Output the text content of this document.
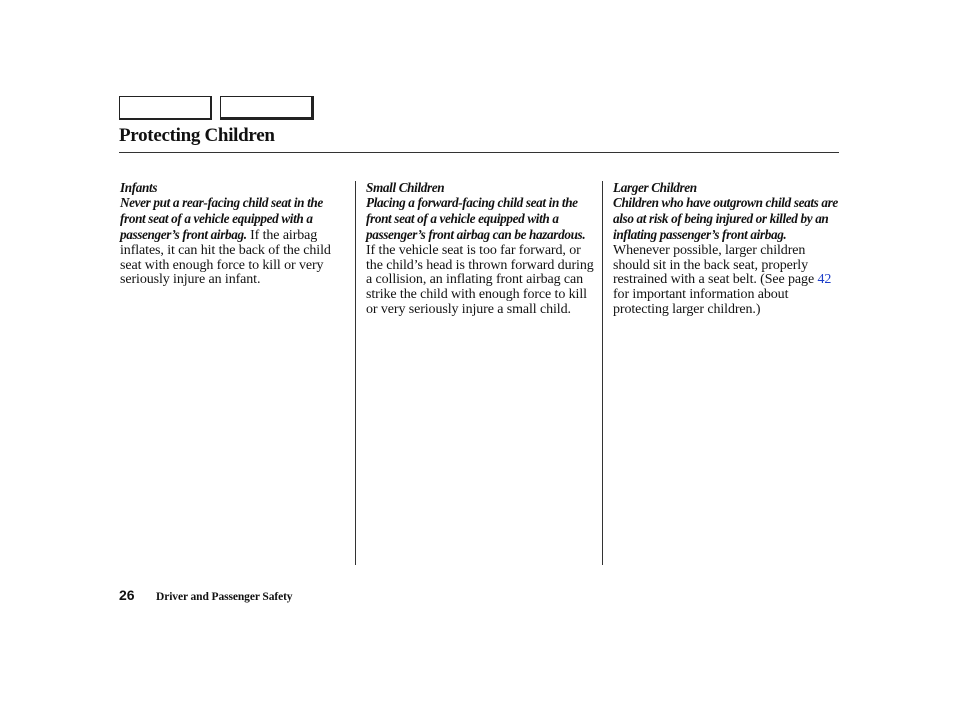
Protecting Children
Infants
Never put a rear-facing child seat in the front seat of a vehicle equipped with a passenger’s front airbag. If the airbag inflates, it can hit the back of the child seat with enough force to kill or very seriously injure an infant.
Small Children
Placing a forward-facing child seat in the front seat of a vehicle equipped with a passenger’s front airbag can be hazardous. If the vehicle seat is too far forward, or the child’s head is thrown forward during a collision, an inflating front airbag can strike the child with enough force to kill or very seriously injure a small child.
Larger Children
Children who have outgrown child seats are also at risk of being injured or killed by an inflating passenger’s front airbag. Whenever possible, larger children should sit in the back seat, properly restrained with a seat belt. (See page 42 for important information about protecting larger children.)
26 Driver and Passenger Safety
